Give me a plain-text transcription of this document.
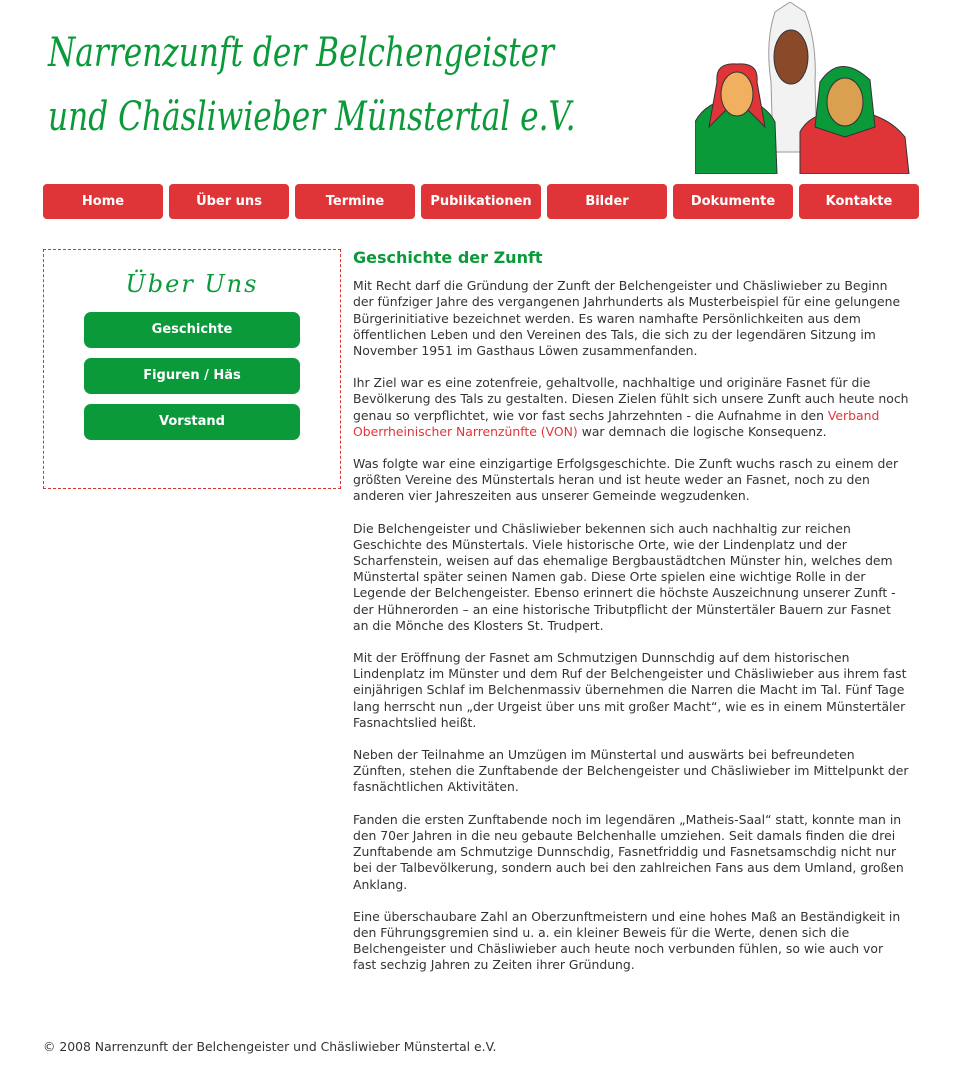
Narrenzunft der Belchengeister
und Chäsliwieber Münstertal e.V.
Home	Über uns	Termine	Publikationen	Bilder	Dokumente	Kontakte
Über Uns
Geschichte
Figuren / Häs
Vorstand
Geschichte der Zunft

Mit Recht darf die Gründung der Zunft der Belchengeister und Chäsliwieber zu Beginn der fünfziger Jahre des vergangenen Jahrhunderts als Musterbeispiel für eine gelungene Bürgerinitiative bezeichnet werden. Es waren namhafte Persönlichkeiten aus dem öffentlichen Leben und den Vereinen des Tals, die sich zu der legendären Sitzung im November 1951 im Gasthaus Löwen zusammenfanden.

Ihr Ziel war es eine zotenfreie, gehaltvolle, nachhaltige und originäre Fasnet für die Bevölkerung des Tals zu gestalten. Diesen Zielen fühlt sich unsere Zunft auch heute noch genau so verpflichtet, wie vor fast sechs Jahrzehnten - die Aufnahme in den Verband Oberrheinischer Narrenzünfte (VON) war demnach die logische Konsequenz.

Was folgte war eine einzigartige Erfolgsgeschichte. Die Zunft wuchs rasch zu einem der größten Vereine des Münstertals heran und ist heute weder an Fasnet, noch zu den anderen vier Jahreszeiten aus unserer Gemeinde wegzudenken.

Die Belchengeister und Chäsliwieber bekennen sich auch nachhaltig zur reichen Geschichte des Münstertals. Viele historische Orte, wie der Lindenplatz und der Scharfenstein, weisen auf das ehemalige Bergbaustädtchen Münster hin, welches dem Münstertal später seinen Namen gab. Diese Orte spielen eine wichtige Rolle in der Legende der Belchengeister. Ebenso erinnert die höchste Auszeichnung unserer Zunft - der Hühnerorden – an eine historische Tributpflicht der Münstertäler Bauern zur Fasnet an die Mönche des Klosters St. Trudpert.

Mit der Eröffnung der Fasnet am Schmutzigen Dunnschdig auf dem historischen Lindenplatz im Münster und dem Ruf der Belchengeister und Chäsliwieber aus ihrem fast einjährigen Schlaf im Belchenmassiv übernehmen die Narren die Macht im Tal. Fünf Tage lang herrscht nun „der Urgeist über uns mit großer Macht“, wie es in einem Münstertäler Fasnachtslied heißt.

Neben der Teilnahme an Umzügen im Münstertal und auswärts bei befreundeten Zünften, stehen die Zunftabende der Belchengeister und Chäsliwieber im Mittelpunkt der fasnächtlichen Aktivitäten.

Fanden die ersten Zunftabende noch im legendären „Matheis-Saal“ statt, konnte man in den 70er Jahren in die neu gebaute Belchenhalle umziehen. Seit damals finden die drei Zunftabende am Schmutzige Dunnschdig, Fasnetfriddig und Fasnetsamschdig nicht nur bei der Talbevölkerung, sondern auch bei den zahlreichen Fans aus dem Umland, großen Anklang.

Eine überschaubare Zahl an Oberzunftmeistern und eine hohes Maß an Beständigkeit in den Führungsgremien sind u. a. ein kleiner Beweis für die Werte, denen sich die Belchengeister und Chäsliwieber auch heute noch verbunden fühlen, so wie auch vor fast sechzig Jahren zu Zeiten ihrer Gründung.

© 2008 Narrenzunft der Belchengeister und Chäsliwieber Münstertal e.V.
